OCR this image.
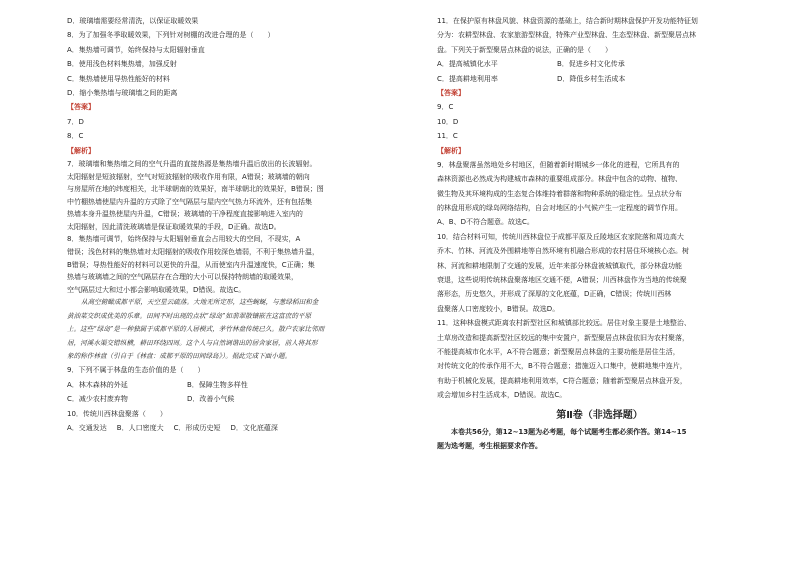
D．玻璃墙需要经常清洗，以保证取暖效果
8．为了加强冬季取暖效果，下列针对树棚的改进合理的是（　　）
A．集热墙可调节，始终保持与太阳辐射垂直
B．使用浅色材料集热墙，加强反射
C．集热墙使用导热性能好的材料
D．缩小集热墙与玻璃墙之间的距离
【答案】
7．D
8．C
【解析】
7．玻璃墙和集热墙之间的空气升温的直接热源是集热墙升温后放出的长波辐射。
太阳辐射是短波辐射，空气对短波辐射的吸收作用有限，A错误；玻璃墙的朝向
与房屋所在地的纬度相关，北半球朝南的效果好，南半球朝北的效果好，B错误；图
中竹棚热墙使屋内升温的方式除了空气隔层与屋内空气热力环流外，还有包括集
热墙本身升温热使屋内升温，C错误；玻璃墙的干净程度直接影响进入室内的
太阳辐射，因此清洗玻璃墙是保证取暖效果的手段，D正确。故选D。
8．集热墙可调节，始终保持与太阳辐射垂直会占用较大的空间，不现实，A
错误；浅色材料的集热墙对太阳辐射的吸收作用较深色墙弱，不利于集热墙升温，
B错误；导热性能好的材料可以更快的升温，从而使室内升温速度快，C正确；集
热墙与玻璃墙之间的空气隔层存在合理的大小可以保持特朗墙的取暖效果，
空气隔层过大和过小都会影响取暖效果，D错误。故选C。
从高空俯瞰成都平原，天空星云疏落。大地无所定形，这些蜿蜒，与葱绿稻田和金
黄油菜交织成优美的乐章。田间不时出现的点状“绿岛”如翡翠散镶嵌在这富庶的平原
上。这些“绿岛”是一种独属于成都平原的人居模式，茅竹林盘传统已久。散户农家比邻而
居，河溪水渠交错纵横，耕田环绕四周。这个人与自然调谐出的居舍家居，前人将其形
象的称作林盘（引自于《林盘：成都平原的田间绿岛》）。据此完成下面小题。
9．下列不属于林盘的生态价值的是（　　）
A．林木森林的外延	B．保障生物多样性
C．减少农村废弃物	D．改善小气候
10．传统川西林盘聚落（　　）
A．交通发达 B．人口密度大 C．形成历史短 D．文化底蕴深
11．在保护原有林盘风貌、林盘资源的基础上，结合新时期林盘保护开发功能特征划
分为：农耕型林盘、农家旅游型林盘，特殊产业型林盘、生态型林盘、新型聚居点林
盘。下列关于新型聚居点林盘的说法，正确的是（　　）
A．提高城镇化水平	B．促进乡村文化传承
C．提高耕地利用率	D．降低乡村生活成本
【答案】
9．C
10．D
11．C
【解析】
9．林盘聚落虽然地处乡村地区，但随着新时期城乡一体化的进程，它所具有的
森林资源也必然成为构建城市森林的重要组成部分。林盘中包含的动物、植物、
微生物及其环境构成的生态复合体维持着群落和物种系统的稳定性。呈点状分布
的林盘用形成的绿岛网络结构，自会对地区的小气候产生一定程度的调节作用。
A、B、D不符合题意。故选C。
10．结合材料可知，传统川西林盘位于成都平原及丘陵地区农家院落和周边高大
乔木、竹林、河流及外围耕地等自然环境有机融合形成的农村居住环境核心态。树
林、河流和耕地限制了交通的发展，近年来部分林盘被城镇取代，部分林盘功能
衰退，这些说明传统林盘聚落地区交通不便，A错误；川西林盘作为当地的传统聚
落形态，历史悠久，并形成了深厚的文化底蕴，D正确，C错误；传统川西林
盘聚落人口密度较小，B错误。故选D。
11．这种林盘模式距离农村新型社区和城镇部比较远。居住对象主要是土地整治、
土草房改造和提高新型社区较远的集中安置户，新型聚居点林盘依旧为农村聚落，
不能提高城市化水平，A不符合题意；新型聚居点林盘的主要功能是居住生活，
对传统文化的传承作用不大，B不符合题意；措施迈入口集中，使耕地集中连片，
有助于机械化发展，提高耕地利用效率，C符合题意；随着新型聚居点林盘开发，
或会增加乡村生活成本，D错误。故选C。
第Ⅱ卷（非选择题）
本卷共56分，第12~13题为必考题，每个试题考生都必须作答。第14~15
题为选考题，考生根据要求作答。
